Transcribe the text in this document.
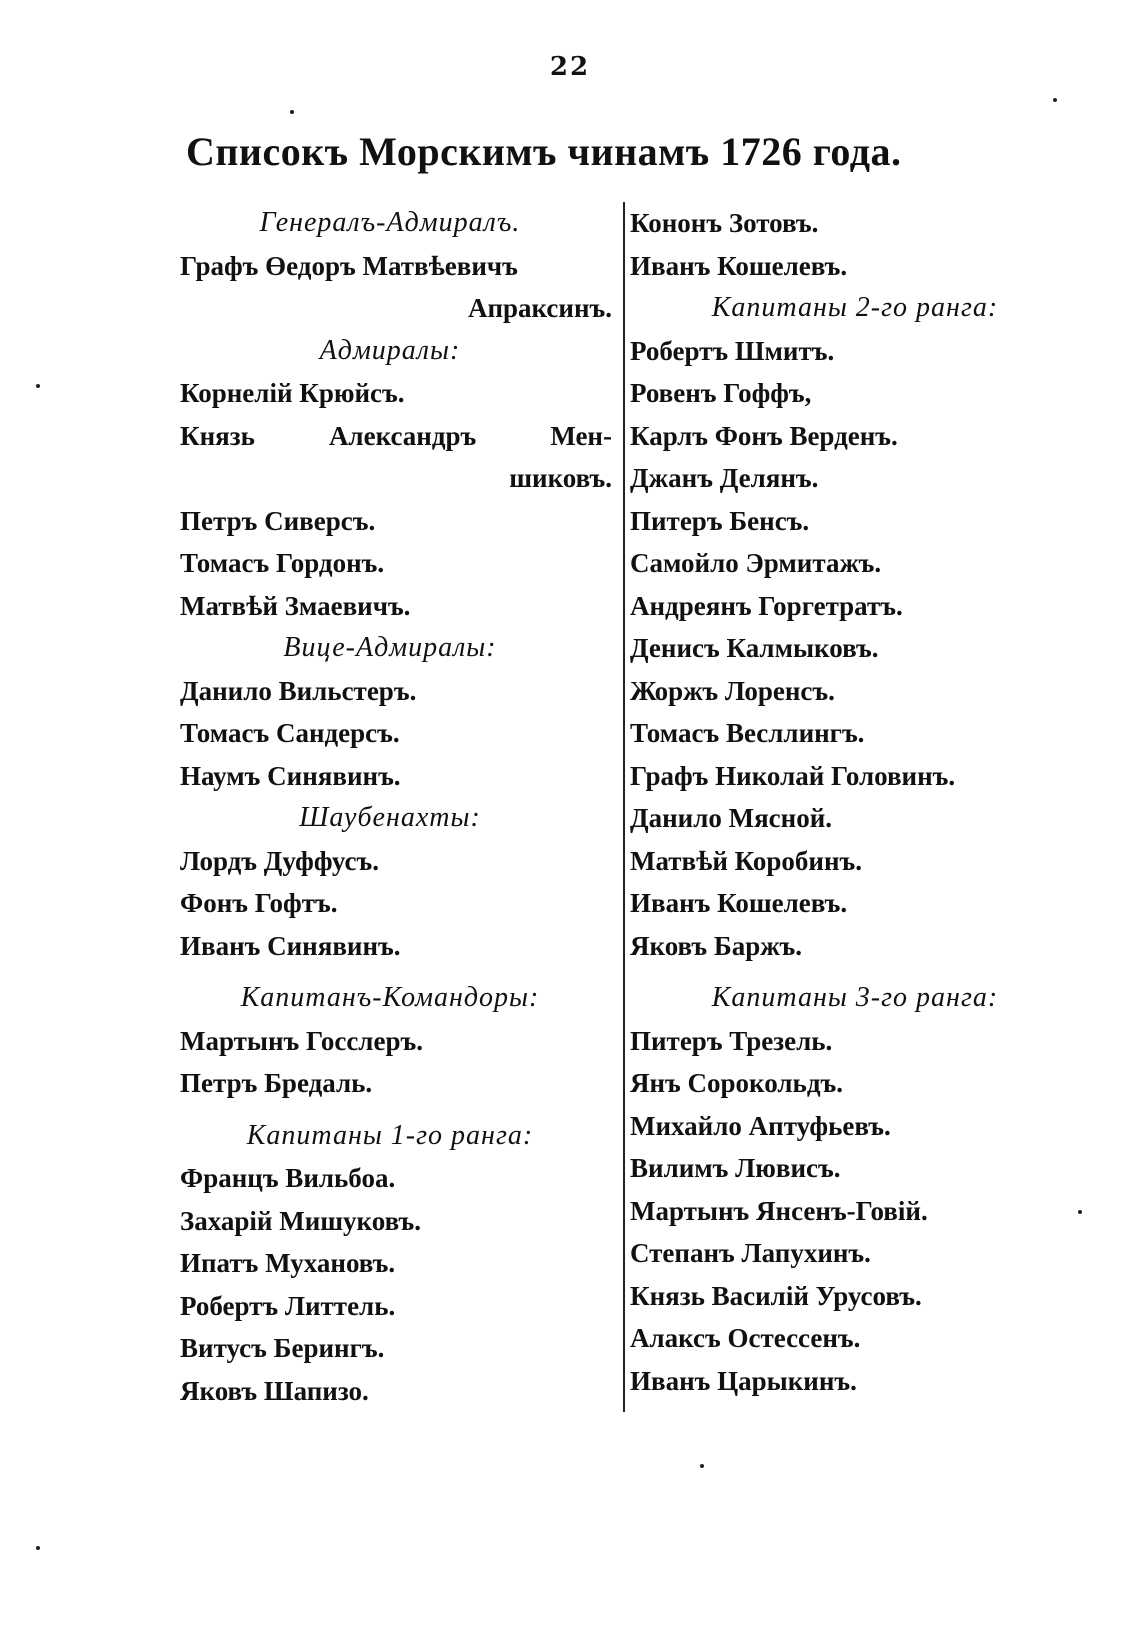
22
Списокъ Морскимъ чинамъ 1726 года.
Генералъ-Адмиралъ.
Графъ Өедоръ Матвѣевичъ
Апраксинъ.
Адмиралы:
Корнелiй Крюйсъ.
Князь	Александръ	Мен-
шиковъ.
Петръ Сиверсъ.
Томасъ Гордонъ.
Матвѣй Змаевичъ.
Вице-Адмиралы:
Данило Вильстеръ.
Томасъ Сандерсъ.
Наумъ Синявинъ.
Шаубенахты:
Лордъ Дуффусъ.
Фонъ Гофтъ.
Иванъ Синявинъ.
Капитанъ-Командоры:
Мартынъ Госслеръ.
Петръ Бредаль.
Капитаны 1-го ранга:
Францъ Вильбоа.
Захарiй Мишуковъ.
Ипатъ Мухановъ.
Робертъ Литтель.
Витусъ Берингъ.
Яковъ Шапизо.
Кононъ Зотовъ.
Иванъ Кошелевъ.
Капитаны 2-го ранга:
Робертъ Шмитъ.
Ровенъ Гоффъ,
Карлъ Фонъ Верденъ.
Джанъ Делянъ.
Питеръ Бенсъ.
Самойло Эрмитажъ.
Андреянъ Горгетратъ.
Денисъ Калмыковъ.
Жоржъ Лоренсъ.
Томасъ Весллингъ.
Графъ Николай Головинъ.
Данило Мясной.
Матвѣй Коробинъ.
Иванъ Кошелевъ.
Яковъ Баржъ.
Капитаны 3-го ранга:
Питеръ Трезель.
Янъ Сорокольдъ.
Михайло Аптуфьевъ.
Вилимъ Лювисъ.
Мартынъ Янсенъ-Говiй.
Степанъ Лапухинъ.
Князь Василiй Урусовъ.
Алаксъ Остессенъ.
Иванъ Царыкинъ.
